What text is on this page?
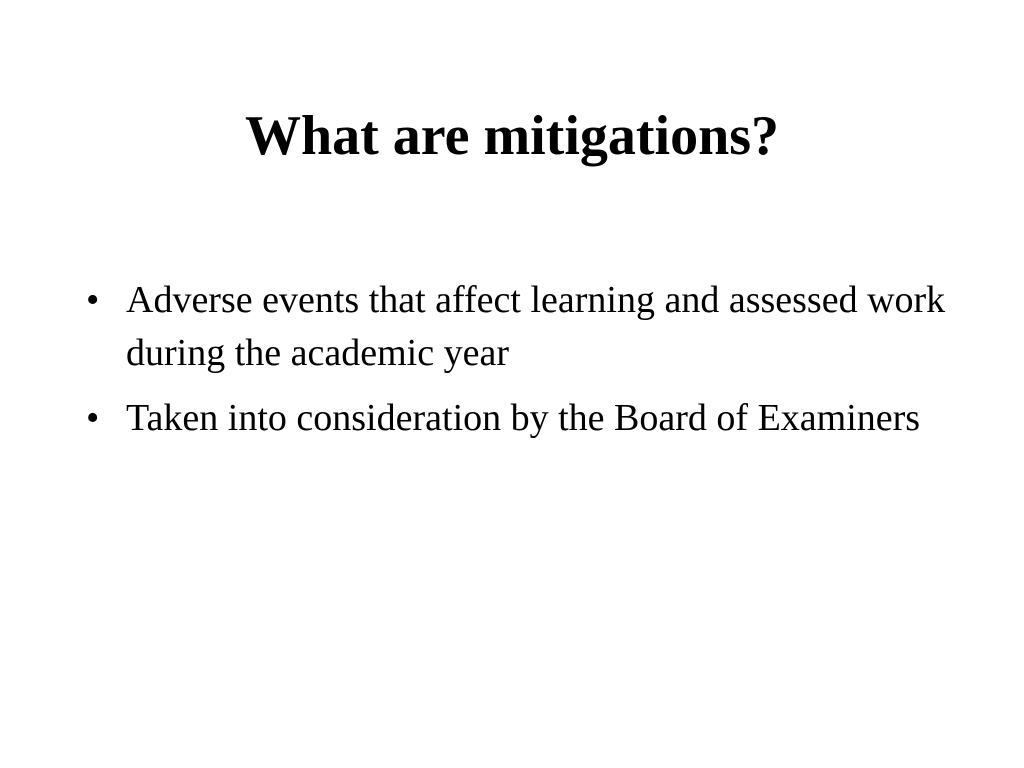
What are mitigations?
• Adverse events that affect learning and assessed work during the academic year
• Taken into consideration by the Board of Examiners
